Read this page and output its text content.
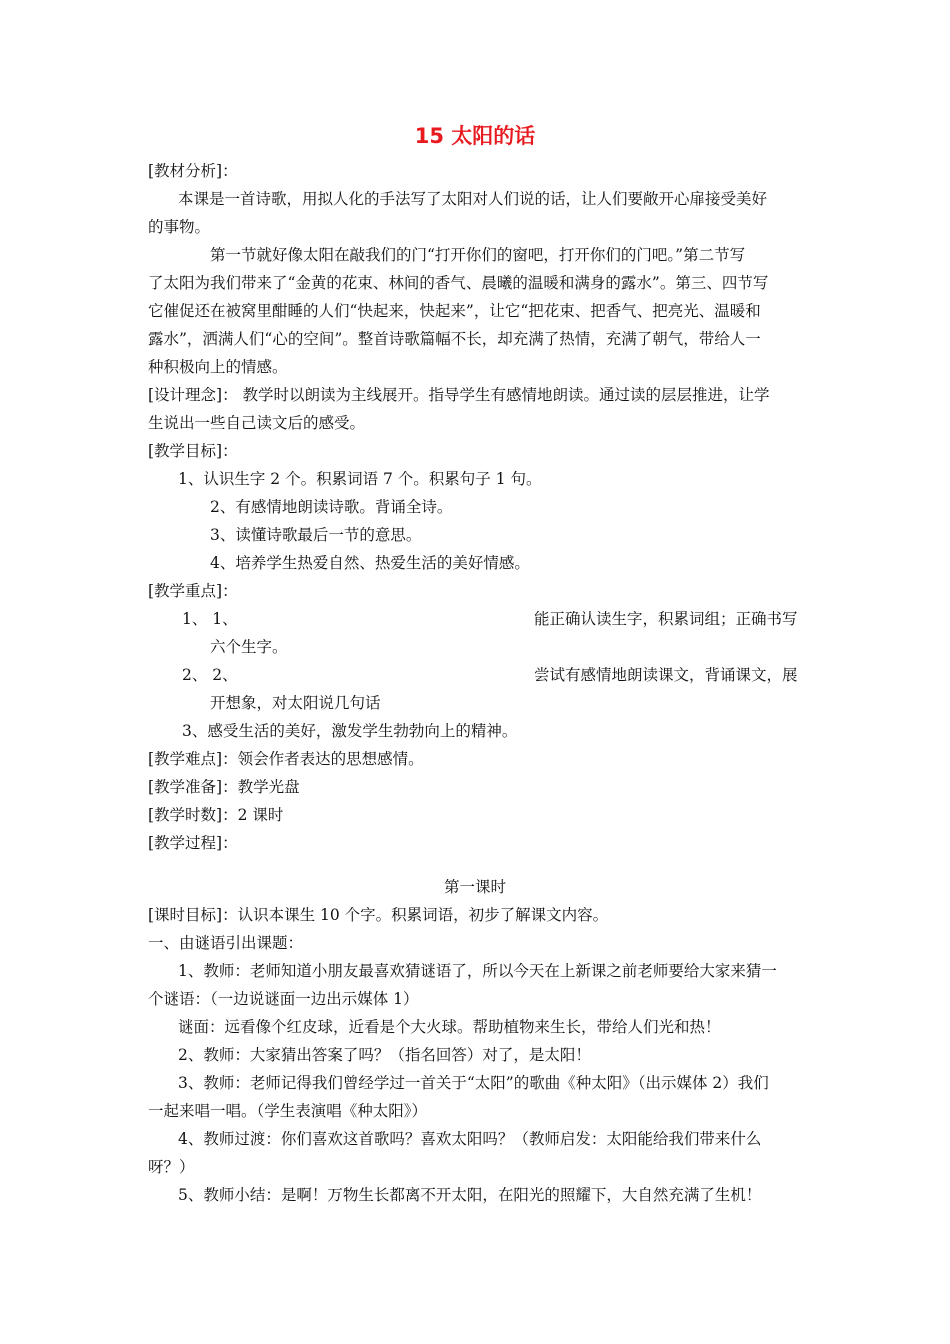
15 太阳的话
[教材分析]：
本课是一首诗歌，用拟人化的手法写了太阳对人们说的话，让人们要敞开心扉接受美好
的事物。
第一节就好像太阳在敲我们的门“打开你们的窗吧，打开你们的门吧。”第二节写
了太阳为我们带来了“金黄的花束、林间的香气、晨曦的温暖和满身的露水”。第三、四节写
它催促还在被窝里酣睡的人们“快起来，快起来”，让它“把花束、把香气、把亮光、温暖和
露水”，洒满人们“心的空间”。整首诗歌篇幅不长，却充满了热情，充满了朝气，带给人一
种积极向上的情感。
[设计理念]： 教学时以朗读为主线展开。指导学生有感情地朗读。通过读的层层推进，让学
生说出一些自己读文后的感受。
[教学目标]：
1、认识生字 2 个。积累词语 7 个。积累句子 1 句。
2、有感情地朗读诗歌。背诵全诗。
3、读懂诗歌最后一节的意思。
4、培养学生热爱自然、热爱生活的美好情感。
[教学重点]：
1、 1、	能正确认读生字，积累词组；正确书写
六个生字。
2、 2、	尝试有感情地朗读课文，背诵课文，展
开想象，对太阳说几句话
3、感受生活的美好，激发学生勃勃向上的精神。
[教学难点]：领会作者表达的思想感情。
[教学准备]：教学光盘
[教学时数]：2 课时
[教学过程]：
第一课时
[课时目标]：认识本课生 10 个字。积累词语，初步了解课文内容。
一、由谜语引出课题：
1、教师：老师知道小朋友最喜欢猜谜语了，所以今天在上新课之前老师要给大家来猜一
个谜语：（一边说谜面一边出示媒体 1）
谜面：远看像个红皮球，近看是个大火球。帮助植物来生长，带给人们光和热！
2、教师：大家猜出答案了吗？（指名回答）对了，是太阳！
3、教师：老师记得我们曾经学过一首关于“太阳”的歌曲《种太阳》（出示媒体 2）我们
一起来唱一唱。（学生表演唱《种太阳》）
4、教师过渡：你们喜欢这首歌吗？喜欢太阳吗？（教师启发：太阳能给我们带来什么
呀？）
5、教师小结：是啊！万物生长都离不开太阳，在阳光的照耀下，大自然充满了生机！
